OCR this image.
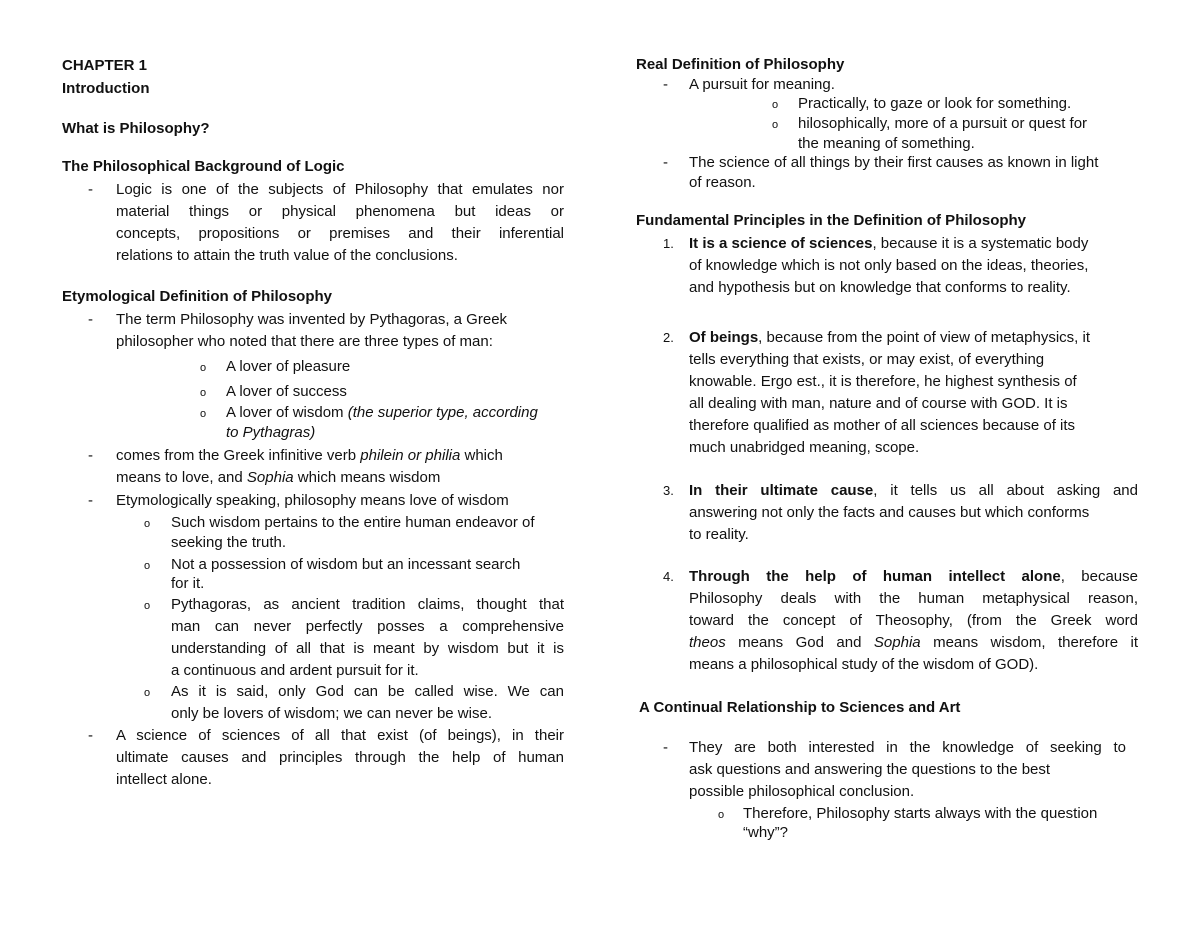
CHAPTER 1
Introduction
What is Philosophy?
The Philosophical Background of Logic
- Logic is one of the subjects of Philosophy that emulates nor
material things or physical phenomena but ideas or
concepts, propositions or premises and their inferential
relations to attain the truth value of the conclusions.
Etymological Definition of Philosophy
- The term Philosophy was invented by Pythagoras, a Greek
philosopher who noted that there are three types of man:
o A lover of pleasure
o A lover of success
o A lover of wisdom (the superior type, according
to Pythagras)
- comes from the Greek infinitive verb philein or philia which
means to love, and Sophia which means wisdom
- Etymologically speaking, philosophy means love of wisdom
o Such wisdom pertains to the entire human endeavor of
seeking the truth.
o Not a possession of wisdom but an incessant search
for it.
o Pythagoras, as ancient tradition claims, thought that
man can never perfectly posses a comprehensive
understanding of all that is meant by wisdom but it is
a continuous and ardent pursuit for it.
o As it is said, only God can be called wise. We can
only be lovers of wisdom; we can never be wise.
- A science of sciences of all that exist (of beings), in their
ultimate causes and principles through the help of human
intellect alone.
Real Definition of Philosophy
- A pursuit for meaning.
o Practically, to gaze or look for something.
o hilosophically, more of a pursuit or quest for
the meaning of something.
- The science of all things by their first causes as known in light
of reason.
Fundamental Principles in the Definition of Philosophy
1. It is a science of sciences, because it is a systematic body
of knowledge which is not only based on the ideas, theories,
and hypothesis but on knowledge that conforms to reality.
2. Of beings, because from the point of view of metaphysics, it
tells everything that exists, or may exist, of everything
knowable. Ergo est., it is therefore, he highest synthesis of
all dealing with man, nature and of course with GOD. It is
therefore qualified as mother of all sciences because of its
much unabridged meaning, scope.
3. In their ultimate cause, it tells us all about asking and
answering not only the facts and causes but which conforms
to reality.
4. Through the help of human intellect alone, because
Philosophy deals with the human metaphysical reason,
toward the concept of Theosophy, (from the Greek word
theos means God and Sophia means wisdom, therefore it
means a philosophical study of the wisdom of GOD).
A Continual Relationship to Sciences and Art
- They are both interested in the knowledge of seeking to
ask questions and answering the questions to the best
possible philosophical conclusion.
o Therefore, Philosophy starts always with the question
“why”?
